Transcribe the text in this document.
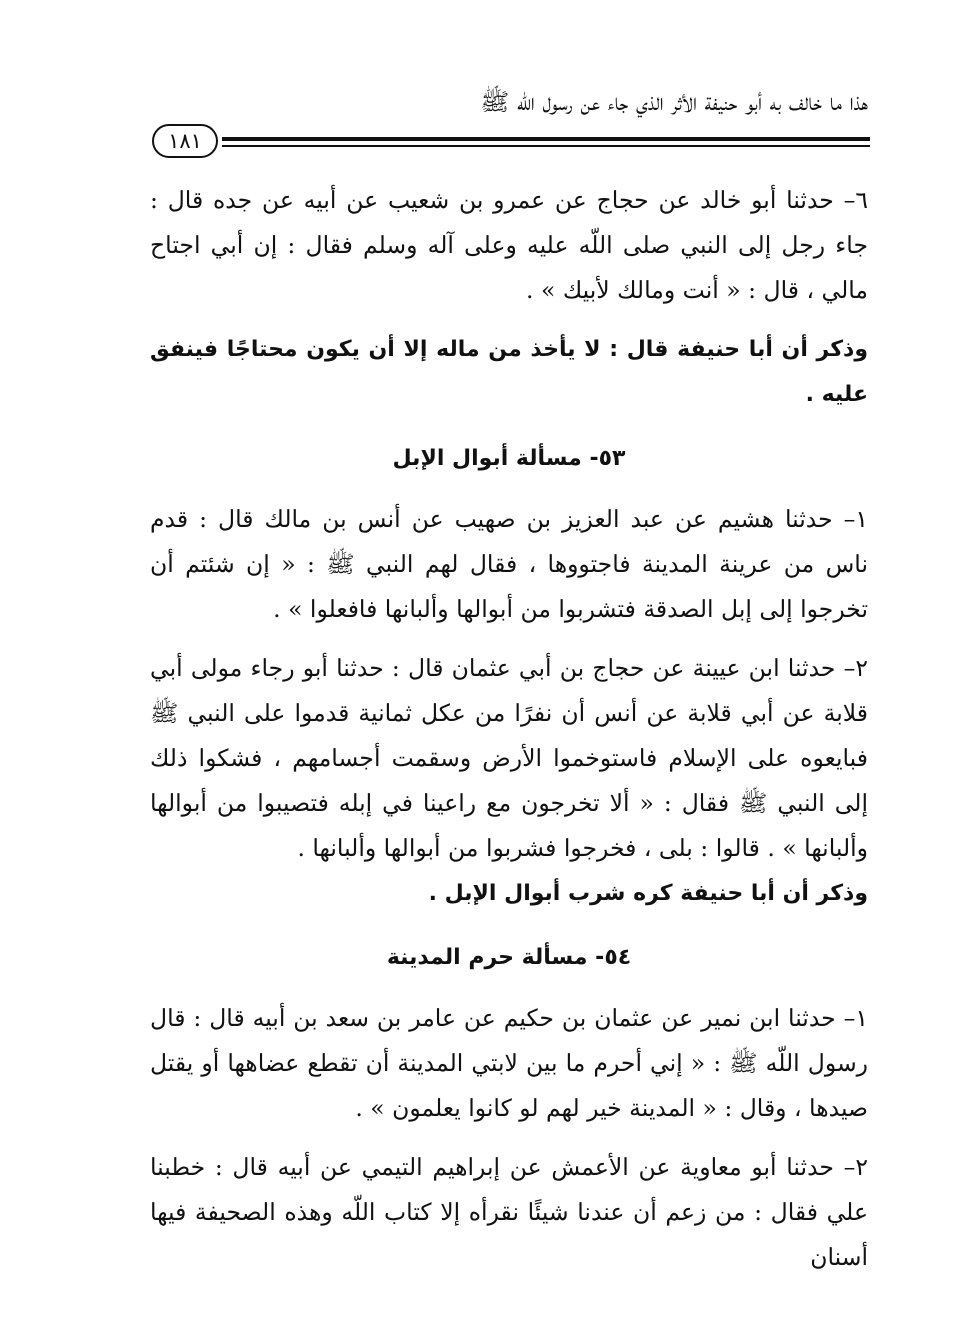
هذا ما خالف به أبو حنيفة الأثر الذي جاء عن رسول اللّه ﷺ
١٨١

٦– حدثنا أبو خالد عن حجاج عن عمرو بن شعيب عن أبيه عن جده قال : جاء رجل إلى النبي صلى اللّه عليه وعلى آله وسلم فقال : إن أبي اجتاح مالي ، قال : « أنت ومالك لأبيك » .

وذكر أن أبا حنيفة قال : لا يأخذ من ماله إلا أن يكون محتاجًا فينفق عليه .

٥٣- مسألة أبوال الإبل

١– حدثنا هشيم عن عبد العزيز بن صهيب عن أنس بن مالك قال : قدم ناس من عرينة المدينة فاجتووها ، فقال لهم النبي ﷺ : « إن شئتم أن تخرجوا إلى إبل الصدقة فتشربوا من أبوالها وألبانها فافعلوا » .

٢– حدثنا ابن عيينة عن حجاج بن أبي عثمان قال : حدثنا أبو رجاء مولى أبي قلابة عن أبي قلابة عن أنس أن نفرًا من عكل ثمانية قدموا على النبي ﷺ فبايعوه على الإسلام فاستوخموا الأرض وسقمت أجسامهم ، فشكوا ذلك إلى النبي ﷺ فقال : « ألا تخرجون مع راعينا في إبله فتصيبوا من أبوالها وألبانها » . قالوا : بلى ، فخرجوا فشربوا من أبوالها وألبانها .

وذكر أن أبا حنيفة كره شرب أبوال الإبل .

٥٤- مسألة حرم المدينة

١– حدثنا ابن نمير عن عثمان بن حكيم عن عامر بن سعد بن أبيه قال : قال رسول اللّه ﷺ : « إني أحرم ما بين لابتي المدينة أن تقطع عضاهها أو يقتل صيدها ، وقال : « المدينة خير لهم لو كانوا يعلمون » .

٢– حدثنا أبو معاوية عن الأعمش عن إبراهيم التيمي عن أبيه قال : خطبنا علي فقال : من زعم أن عندنا شيئًا نقرأه إلا كتاب اللّه وهذه الصحيفة فيها أسنان
